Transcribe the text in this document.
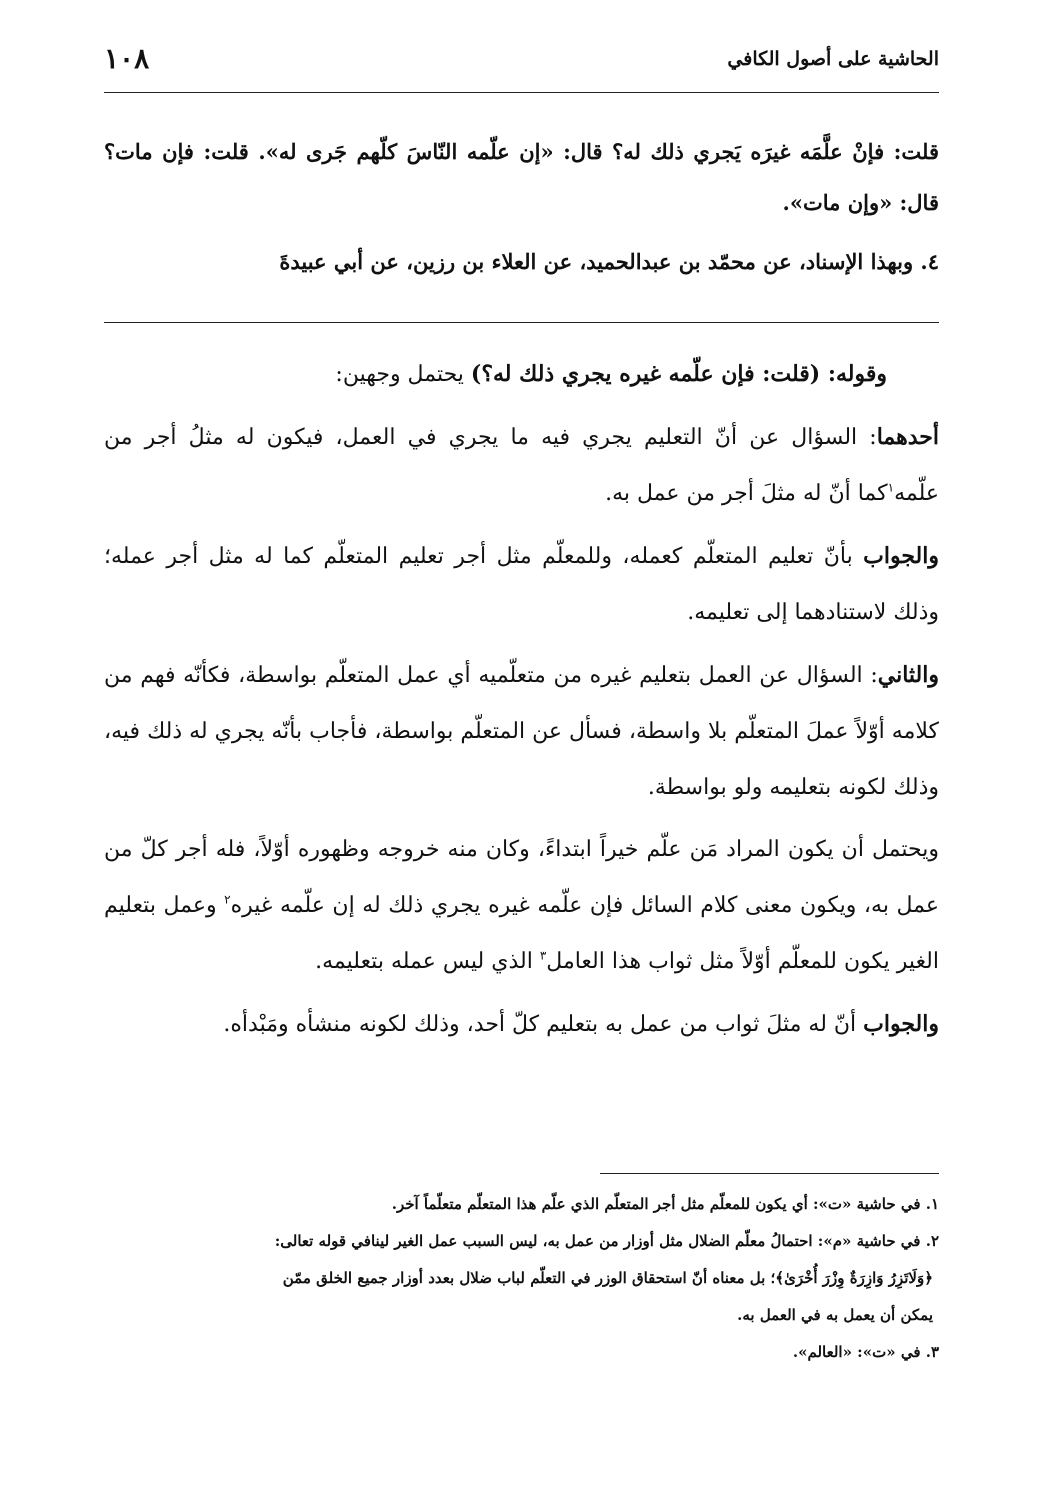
١٠٨	الحاشية على أصول الكافي

قلت: فإنْ علَّمَه غيرَه يَجري ذلك له؟ قال: «إن علّمه النّاسَ كلّهم جَرى له». قلت: فإن مات؟ قال: «وإن مات».

٤. وبهذا الإسناد، عن محمّد بن عبدالحميد، عن العلاء بن رزين، عن أبي عبيدةَ

وقوله: (قلت: فإن علّمه غيره يجري ذلك له؟) يحتمل وجهين:

أحدهما: السؤال عن أنّ التعليم يجري فيه ما يجري في العمل، فيكون له مثلُ أجر من علّمه$^١$كما أنّ له مثلَ أجر من عمل به.

والجواب بأنّ تعليم المتعلّم كعمله، وللمعلّم مثل أجر تعليم المتعلّم كما له مثل أجر عمله؛ وذلك لاستنادهما إلى تعليمه.

والثاني: السؤال عن العمل بتعليم غيره من متعلّميه أي عمل المتعلّم بواسطة، فكأنّه فهم من كلامه أوّلاً عملَ المتعلّم بلا واسطة، فسأل عن المتعلّم بواسطة، فأجاب بأنّه يجري له ذلك فيه، وذلك لكونه بتعليمه ولو بواسطة.

ويحتمل أن يكون المراد مَن علّم خيراً ابتداءً، وكان منه خروجه وظهوره أوّلاً، فله أجر كلّ من عمل به، ويكون معنى كلام السائل فإن علّمه غيره يجري ذلك له إن علّمه غيره$^٢$ وعمل بتعليم الغير يكون للمعلّم أوّلاً مثل ثواب هذا العامل$^٣$ الذي ليس عمله بتعليمه.

والجواب أنّ له مثلَ ثواب من عمل به بتعليم كلّ أحد، وذلك لكونه منشأه ومَبْدأه.

١. في حاشية «ت»: أي يكون للمعلّم مثل أجر المتعلّم الذي علّم هذا المتعلّم متعلّماً آخر.

٢. في حاشية «م»: احتمالُ معلّم الضلال مثل أوزار من عمل به، ليس السبب عمل الغير لينافي قوله تعالى:

﴿وَلَاتَزِرُ وَازِرَةٌ وِزْرَ أُخْرَىٰ﴾؛ بل معناه أنّ استحقاق الوزر في التعلّم لباب ضلال بعدد أوزار جميع الخلق ممّن

يمكن أن يعمل به في العمل به.

٣. في «ت»: «العالم».
